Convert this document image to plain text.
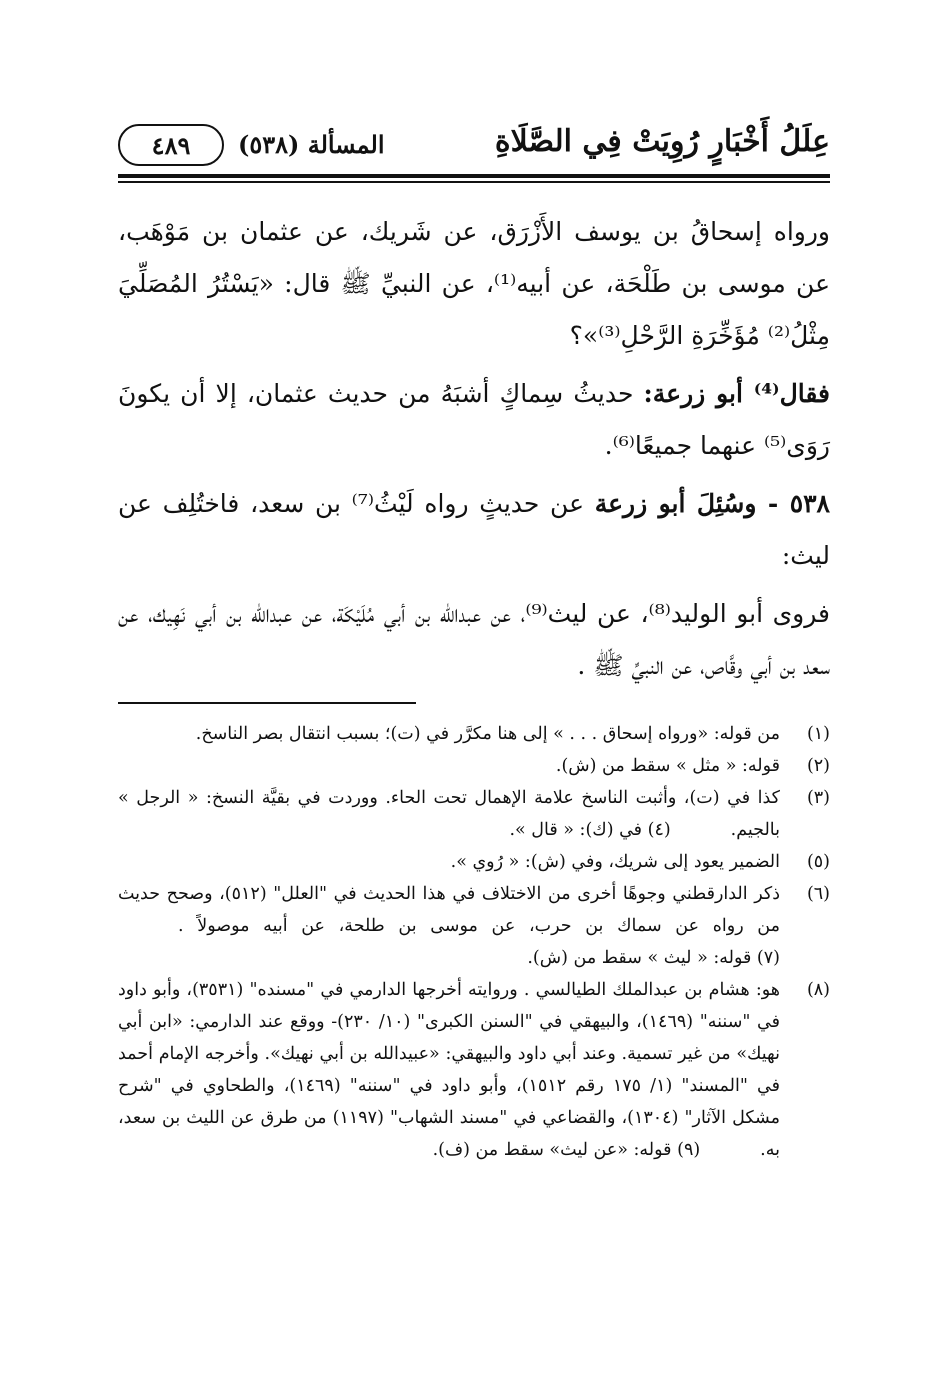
عِلَلُ أَخْبَارٍ رُوِيَتْ فِي الصَّلَاةِ
المسألة (٥٣٨)
٤٨٩

ورواه إسحاقُ بن يوسف الأَزْرَق، عن شَريك، عن عثمان بن مَوْهَب، عن موسى بن طَلْحَة، عن أبيه⁽¹⁾، عن النبيِّ ﷺ قال: «يَسْتُرُ المُصَلِّيَ مِثْلُ⁽²⁾ مُؤَخِّرَةِ الرَّحْلِ⁽³⁾»؟

فقال⁽⁴⁾ أبو زرعة: حديثُ سِماكٍ أشبَهُ من حديث عثمان، إلا أن يكونَ رَوَى⁽⁵⁾ عنهما جميعًا⁽⁶⁾.

٥٣٨ - وسُئِلَ أبو زرعة عن حديثٍ رواه لَيْثُ⁽⁷⁾ بن سعد، فاختُلِف عن ليث:

فروى أبو الوليد⁽⁸⁾، عن ليث⁽⁹⁾، عن عبدالله بن أبي مُلَيْكَة، عن عبدالله بن أبي نَهِيك، عن سعد بن أبي وقَّاص، عن النبيِّ ﷺ .

(١)
من قوله: «ورواه إسحاق . . . » إلى هنا مكرَّر في (ت)؛ بسبب انتقال بصر الناسخ.
(٢)
قوله: « مثل » سقط من (ش).
(٣)
كذا في (ت)، وأثبت الناسخ علامة الإهمال تحت الحاء. ووردت في بقيَّة النسخ: « الرجل » بالجيم.(٤) في (ك): « قال ».
(٥)
الضمير يعود إلى شريك، وفي (ش): « رُوي ».
(٦)
ذكر الدارقطني وجوهًا أخرى من الاختلاف في هذا الحديث في "العلل" (٥١٢)، وصحح حديث من رواه عن سماك بن حرب، عن موسى بن طلحة، عن أبيه موصولاً .(٧) قوله: « ليث » سقط من (ش).
(٨)
هو: هشام بن عبدالملك الطيالسي . وروايته أخرجها الدارمي في "مسنده" (٣٥٣١)، وأبو داود في "سننه" (١٤٦٩)، والبيهقي في "السنن الكبرى" (١٠/ ٢٣٠)- ووقع عند الدارمي: «ابن أبي نهيك» من غير تسمية. وعند أبي داود والبيهقي: «عبيدالله بن أبي نهيك». وأخرجه الإمام أحمد في "المسند" (١/ ١٧٥ رقم ١٥١٢)، وأبو داود في "سننه" (١٤٦٩)، والطحاوي في "شرح مشكل الآثار" (١٣٠٤)، والقضاعي في "مسند الشهاب" (١١٩٧) من طرق عن الليث بن سعد، به.(٩) قوله: «عن ليث» سقط من (ف).
